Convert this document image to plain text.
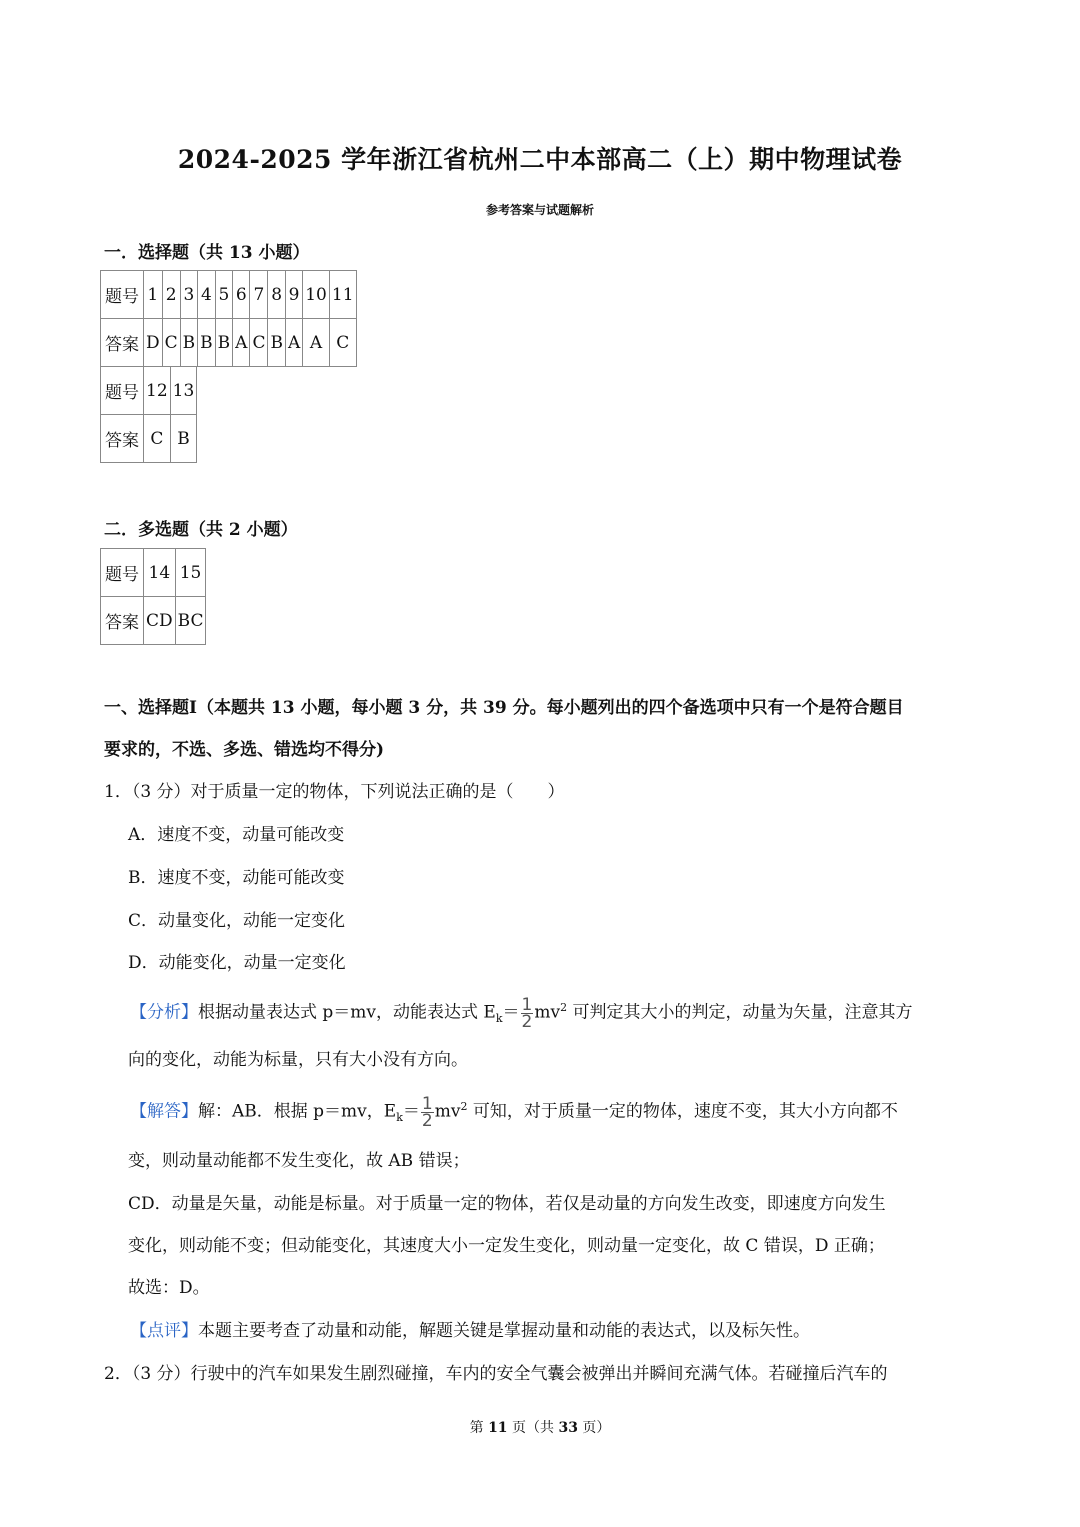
2024-2025 学年浙江省杭州二中本部高二（上）期中物理试卷
参考答案与试题解析
一．选择题（共 13 小题）
题号	1	2	3	4	5	6	7	8	9	10	11
答案	D	C	B	B	B	A	C	B	A	A	C
题号	12	13
答案	C	B
二．多选题（共 2 小题）
题号	14	15
答案	CD	BC
一、选择题I（本题共 13 小题，每小题 3 分，共 39 分。每小题列出的四个备选项中只有一个是符合题目
要求的，不选、多选、错选均不得分)
1．（3 分）对于质量一定的物体，下列说法正确的是（　　）
A．速度不变，动量可能改变
B．速度不变，动能可能改变
C．动量变化，动能一定变化
D．动能变化，动量一定变化
【分析】根据动量表达式 p＝mv，动能表达式 $E_k= \frac{1}{2} mv^2$ 可判定其大小的判定，动量为矢量，注意其方
向的变化，动能为标量，只有大小没有方向。
【解答】解：AB．根据 p＝mv，$E_k= \frac{1}{2} mv^2$ 可知，对于质量一定的物体，速度不变，其大小方向都不
变，则动量动能都不发生变化，故 AB 错误；
CD．动量是矢量，动能是标量。对于质量一定的物体，若仅是动量的方向发生改变，即速度方向发生
变化，则动能不变；但动能变化，其速度大小一定发生变化，则动量一定变化，故 C 错误，D 正确；
故选：D。
【点评】本题主要考查了动量和动能，解题关键是掌握动量和动能的表达式，以及标矢性。
2．（3 分）行驶中的汽车如果发生剧烈碰撞，车内的安全气囊会被弹出并瞬间充满气体。若碰撞后汽车的
第 11 页（共 33 页）
